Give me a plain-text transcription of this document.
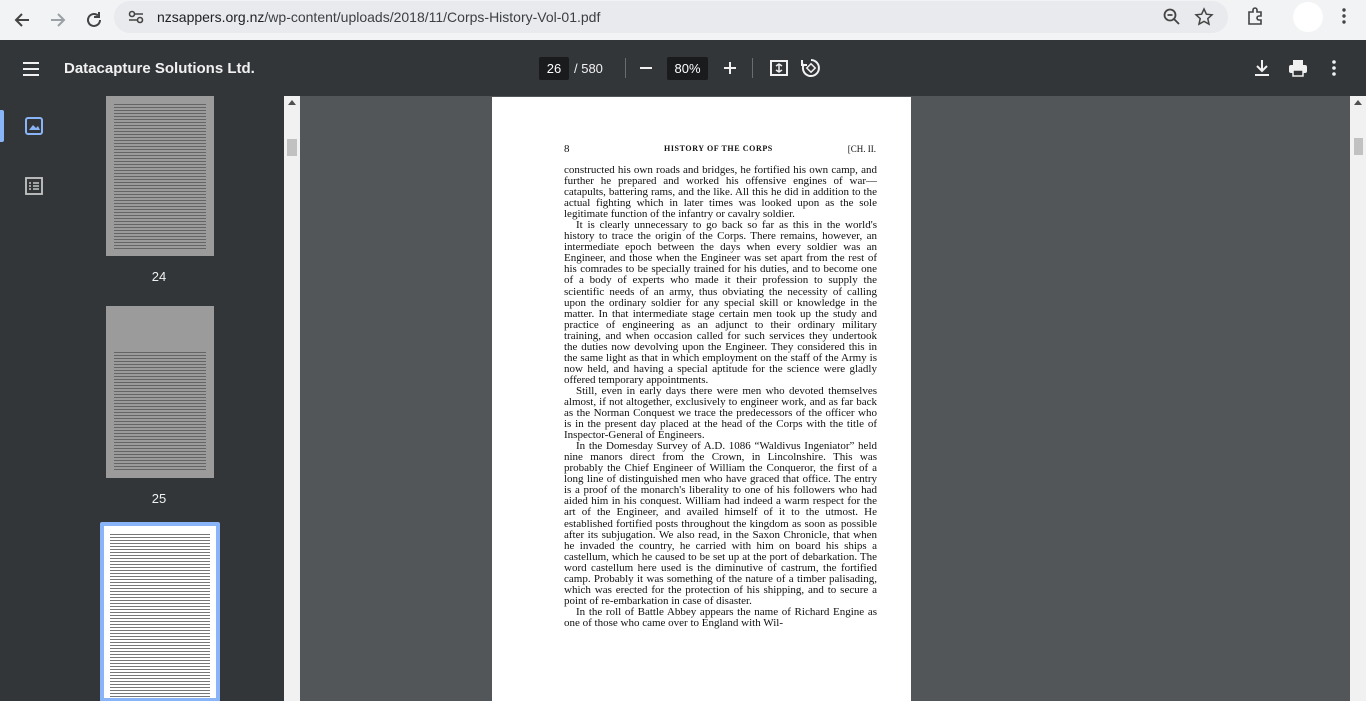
nzsappers.org.nz/wp-content/uploads/2018/11/Corps-History-Vol-01.pdf
Datacapture Solutions Ltd.	26 / 580	80%
24
25
8	HISTORY OF THE CORPS	[CH. II.

constructed his own roads and bridges, he fortified his own camp, and further he prepared and worked his offensive engines of war—catapults, battering rams, and the like. All this he did in addition to the actual fighting which in later times was looked upon as the sole legitimate function of the infantry or cavalry soldier.

It is clearly unnecessary to go back so far as this in the world's history to trace the origin of the Corps. There remains, however, an intermediate epoch between the days when every soldier was an Engineer, and those when the Engineer was set apart from the rest of his comrades to be specially trained for his duties, and to become one of a body of experts who made it their profession to supply the scientific needs of an army, thus obviating the necessity of calling upon the ordinary soldier for any special skill or knowledge in the matter. In that intermediate stage certain men took up the study and practice of engineering as an adjunct to their ordinary military training, and when occasion called for such services they undertook the duties now devolving upon the Engineer. They considered this in the same light as that in which employment on the staff of the Army is now held, and having a special aptitude for the science were gladly offered temporary appointments.

Still, even in early days there were men who devoted themselves almost, if not altogether, exclusively to engineer work, and as far back as the Norman Conquest we trace the predecessors of the officer who is in the present day placed at the head of the Corps with the title of Inspector-General of Engineers.

In the Domesday Survey of A.D. 1086 “Waldivus Ingeniator” held nine manors direct from the Crown, in Lincolnshire. This was probably the Chief Engineer of William the Conqueror, the first of a long line of distinguished men who have graced that office. The entry is a proof of the monarch's liberality to one of his followers who had aided him in his conquest. William had indeed a warm respect for the art of the Engineer, and availed himself of it to the utmost. He established fortified posts throughout the kingdom as soon as possible after its subjugation. We also read, in the Saxon Chronicle, that when he invaded the country, he carried with him on board his ships a castellum, which he caused to be set up at the port of debarkation. The word castellum here used is the diminutive of castrum, the fortified camp. Probably it was something of the nature of a timber palisading, which was erected for the protection of his shipping, and to secure a point of re-embarkation in case of disaster.

In the roll of Battle Abbey appears the name of Richard Engine as one of those who came over to England with Wil-
